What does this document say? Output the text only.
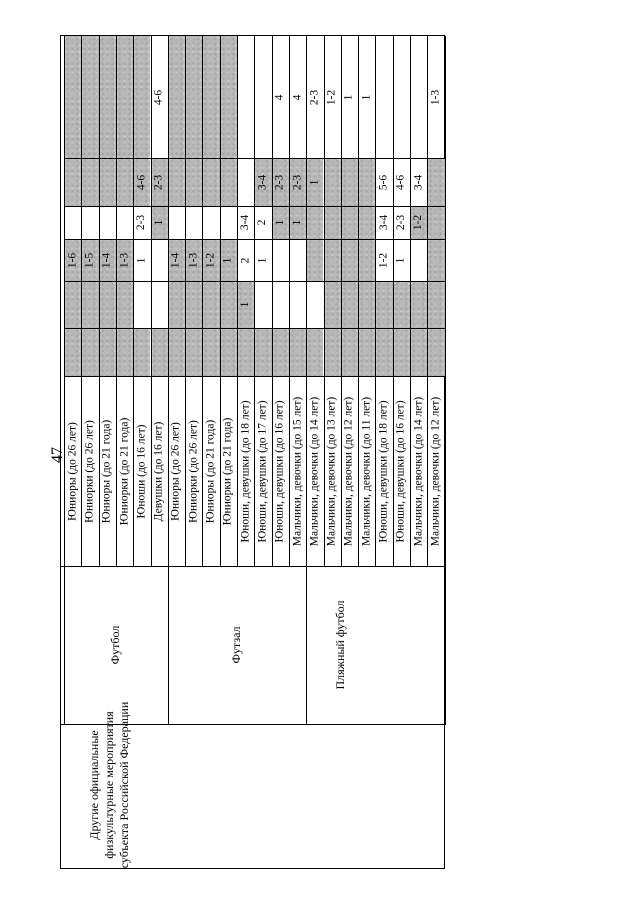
47
Другие официальные физкультурные мероприятия субъекта Российской Федерации
1-6
Юниоры (до 26 лет)
1-5
Юниорки (до 26 лет)
1-4
Юниоры (до 21 года)
1-3
Юниорки (до 21 года)
4-6
2-3
1
Юноши (до 16 лет)
4-6
2-3
1
Девушки (до 16 лет)
1-4
Юниоры (до 26 лет)
1-3
Юниорки (до 26 лет)
1-2
Юниоры (до 21 года)
1
Юниорки (до 21 года)
3-4
2
1
Юноши, девушки (до 18 лет)
3-4
2
1
Юноши, девушки (до 17 лет)
4
2-3
1
Юноши, девушки (до 16 лет)
4
2-3
1
Мальчики, девочки (до 15 лет)
2-3
1
Мальчики, девочки (до 14 лет)
1-2
Мальчики, девочки (до 13 лет)
1
Мальчики, девочки (до 12 лет)
1
Мальчики, девочки (до 11 лет)
5-6
3-4
1-2
Юноши, девушки (до 18 лет)
4-6
2-3
1
Юноши, девушки (до 16 лет)
3-4
1-2
Мальчики, девочки (до 14 лет)
1-3
Мальчики, девочки (до 12 лет)
Футбол	Футзал	Пляжный футбол
